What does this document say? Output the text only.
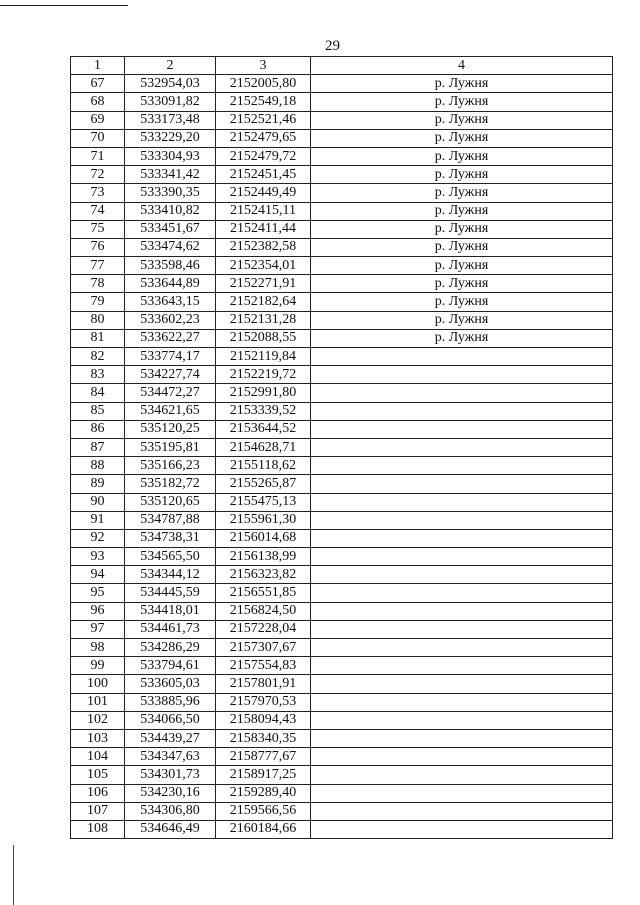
29
1	2	3	4
67	532954,03	2152005,80	р. Лужня
68	533091,82	2152549,18	р. Лужня
69	533173,48	2152521,46	р. Лужня
70	533229,20	2152479,65	р. Лужня
71	533304,93	2152479,72	р. Лужня
72	533341,42	2152451,45	р. Лужня
73	533390,35	2152449,49	р. Лужня
74	533410,82	2152415,11	р. Лужня
75	533451,67	2152411,44	р. Лужня
76	533474,62	2152382,58	р. Лужня
77	533598,46	2152354,01	р. Лужня
78	533644,89	2152271,91	р. Лужня
79	533643,15	2152182,64	р. Лужня
80	533602,23	2152131,28	р. Лужня
81	533622,27	2152088,55	р. Лужня
82	533774,17	2152119,84	
83	534227,74	2152219,72	
84	534472,27	2152991,80	
85	534621,65	2153339,52	
86	535120,25	2153644,52	
87	535195,81	2154628,71	
88	535166,23	2155118,62	
89	535182,72	2155265,87	
90	535120,65	2155475,13	
91	534787,88	2155961,30	
92	534738,31	2156014,68	
93	534565,50	2156138,99	
94	534344,12	2156323,82	
95	534445,59	2156551,85	
96	534418,01	2156824,50	
97	534461,73	2157228,04	
98	534286,29	2157307,67	
99	533794,61	2157554,83	
100	533605,03	2157801,91	
101	533885,96	2157970,53	
102	534066,50	2158094,43	
103	534439,27	2158340,35	
104	534347,63	2158777,67	
105	534301,73	2158917,25	
106	534230,16	2159289,40	
107	534306,80	2159566,56	
108	534646,49	2160184,66	
